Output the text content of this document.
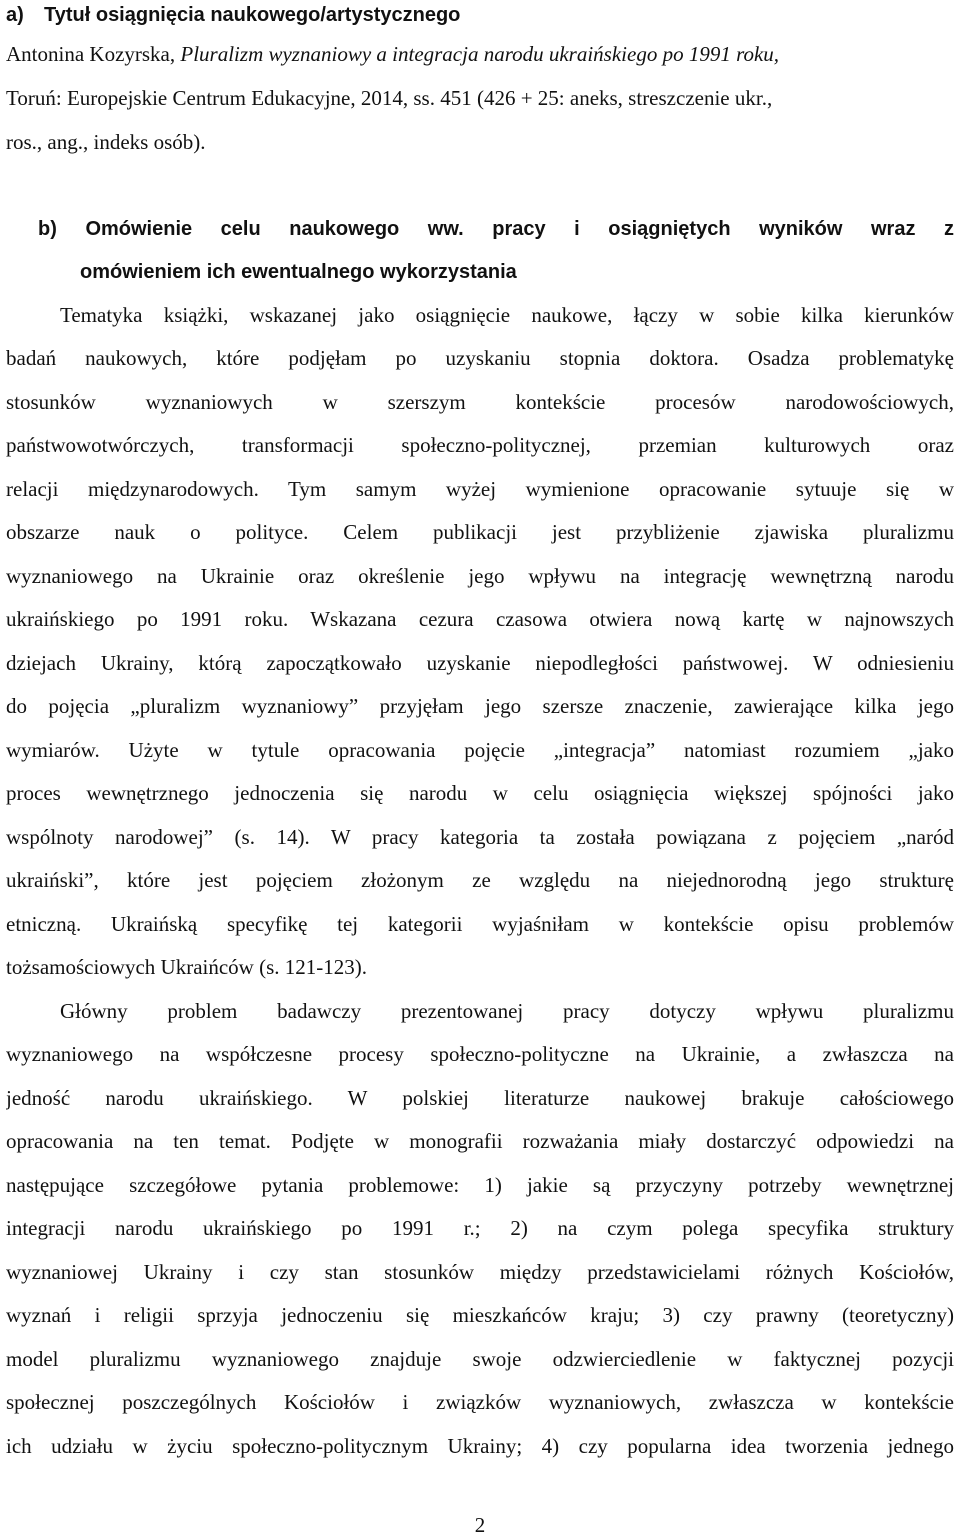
a) Tytuł osiągnięcia naukowego/artystycznego
Antonina Kozyrska, Pluralizm wyznaniowy a integracja narodu ukraińskiego po 1991 roku,
Toruń: Europejskie Centrum Edukacyjne, 2014, ss. 451 (426 + 25: aneks, streszczenie ukr.,
ros., ang., indeks osób).
b) Omówienie celu naukowego ww. pracy i osiągniętych wyników wraz z
omówieniem ich ewentualnego wykorzystania
Tematyka książki, wskazanej jako osiągnięcie naukowe, łączy w sobie kilka kierunków
badań naukowych, które podjęłam po uzyskaniu stopnia doktora. Osadza problematykę
stosunków wyznaniowych w szerszym kontekście procesów narodowościowych,
państwowotwórczych, transformacji społeczno-politycznej, przemian kulturowych oraz
relacji międzynarodowych. Tym samym wyżej wymienione opracowanie sytuuje się w
obszarze nauk o polityce. Celem publikacji jest przybliżenie zjawiska pluralizmu
wyznaniowego na Ukrainie oraz określenie jego wpływu na integrację wewnętrzną narodu
ukraińskiego po 1991 roku. Wskazana cezura czasowa otwiera nową kartę w najnowszych
dziejach Ukrainy, którą zapoczątkowało uzyskanie niepodległości państwowej. W odniesieniu
do pojęcia „pluralizm wyznaniowy” przyjęłam jego szersze znaczenie, zawierające kilka jego
wymiarów. Użyte w tytule opracowania pojęcie „integracja” natomiast rozumiem „jako
proces wewnętrznego jednoczenia się narodu w celu osiągnięcia większej spójności jako
wspólnoty narodowej” (s. 14). W pracy kategoria ta została powiązana z pojęciem „naród
ukraiński”, które jest pojęciem złożonym ze względu na niejednorodną jego strukturę
etniczną. Ukraińską specyfikę tej kategorii wyjaśniłam w kontekście opisu problemów
tożsamościowych Ukraińców (s. 121-123).
Główny problem badawczy prezentowanej pracy dotyczy wpływu pluralizmu
wyznaniowego na współczesne procesy społeczno-polityczne na Ukrainie, a zwłaszcza na
jedność narodu ukraińskiego. W polskiej literaturze naukowej brakuje całościowego
opracowania na ten temat. Podjęte w monografii rozważania miały dostarczyć odpowiedzi na
następujące szczegółowe pytania problemowe: 1) jakie są przyczyny potrzeby wewnętrznej
integracji narodu ukraińskiego po 1991 r.; 2) na czym polega specyfika struktury
wyznaniowej Ukrainy i czy stan stosunków między przedstawicielami różnych Kościołów,
wyznań i religii sprzyja jednoczeniu się mieszkańców kraju; 3) czy prawny (teoretyczny)
model pluralizmu wyznaniowego znajduje swoje odzwierciedlenie w faktycznej pozycji
społecznej poszczególnych Kościołów i związków wyznaniowych, zwłaszcza w kontekście
ich udziału w życiu społeczno-politycznym Ukrainy; 4) czy popularna idea tworzenia jednego
2
